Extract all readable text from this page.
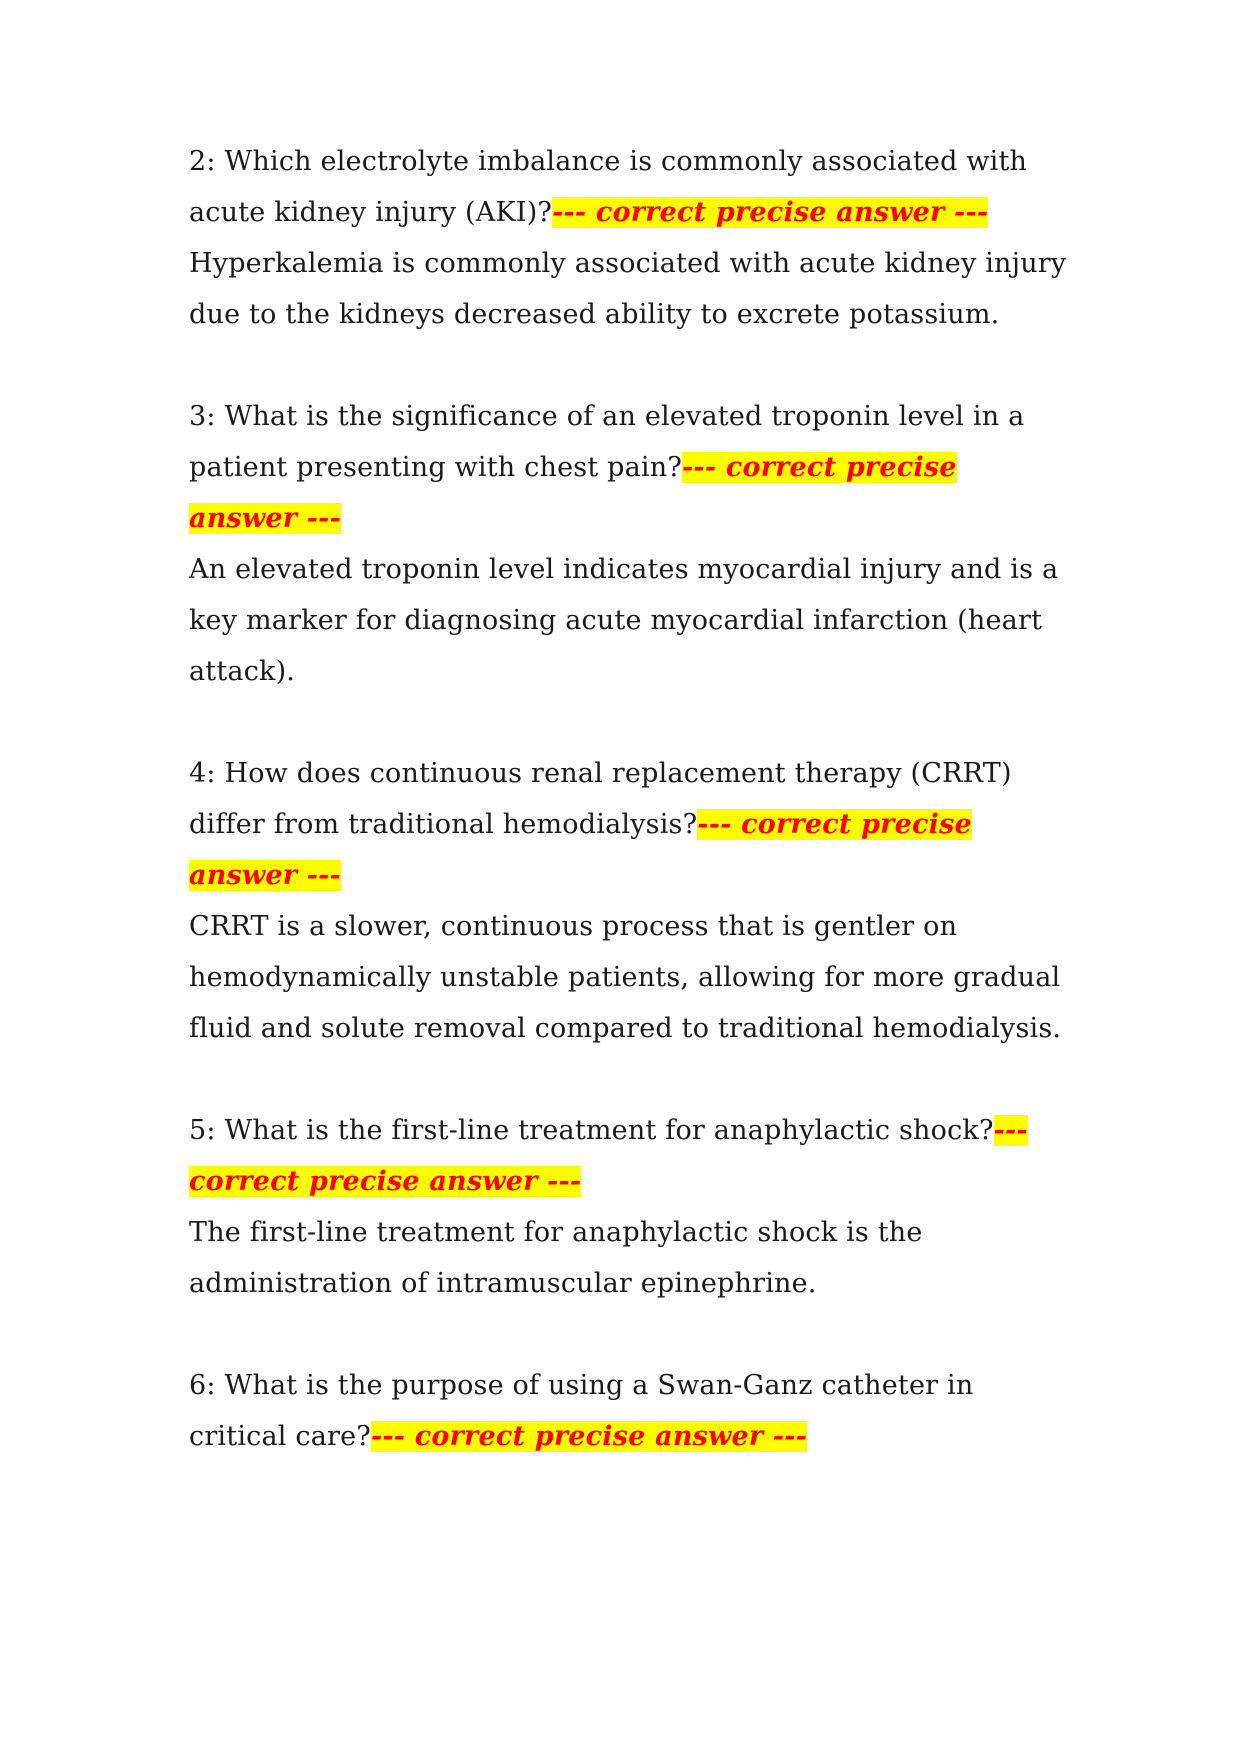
2: Which electrolyte imbalance is commonly associated with acute kidney injury (AKI)?--- correct precise answer ---

Hyperkalemia is commonly associated with acute kidney injury due to the kidneys decreased ability to excrete potassium.

3: What is the significance of an elevated troponin level in a patient presenting with chest pain?--- correct precise answer ---

An elevated troponin level indicates myocardial injury and is a key marker for diagnosing acute myocardial infarction (heart attack).

4: How does continuous renal replacement therapy (CRRT) differ from traditional hemodialysis?--- correct precise answer ---

CRRT is a slower, continuous process that is gentler on hemodynamically unstable patients, allowing for more gradual fluid and solute removal compared to traditional hemodialysis.

5: What is the first-line treatment for anaphylactic shock?--- correct precise answer ---

The first-line treatment for anaphylactic shock is the administration of intramuscular epinephrine.

6: What is the purpose of using a Swan-Ganz catheter in critical care?--- correct precise answer ---
